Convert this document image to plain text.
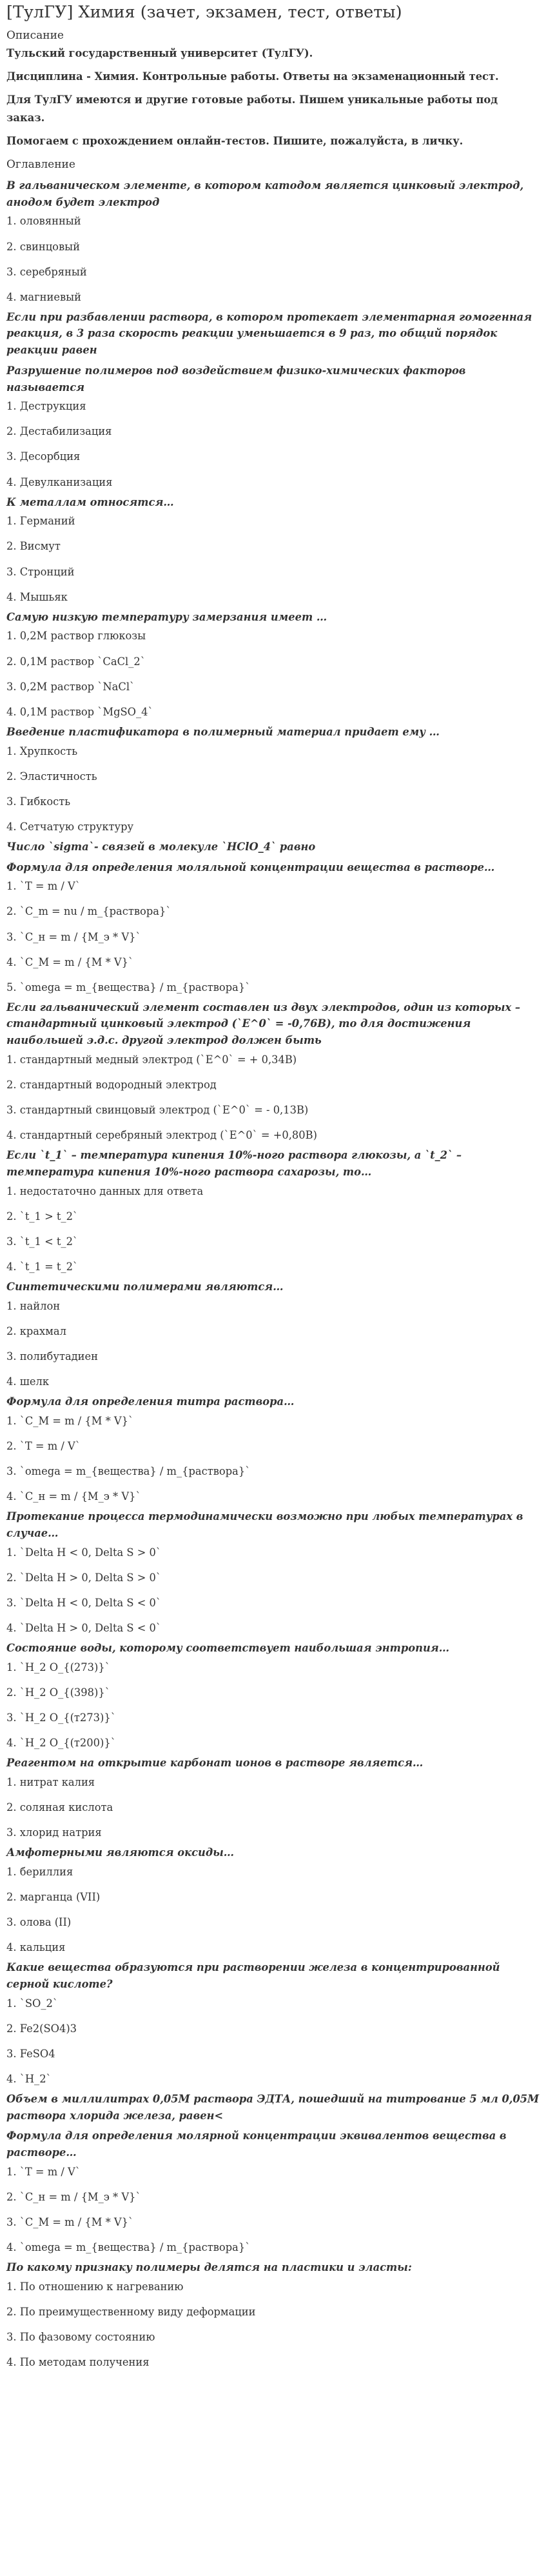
[ТулГУ] Химия (зачет, экзамен, тест, ответы)

Описание

Тульский государственный университет (ТулГУ).

Дисциплина - Химия. Контрольные работы. Ответы на экзаменационный тест.

Для ТулГУ имеются и другие готовые работы. Пишем уникальные работы под заказ.

Помогаем с прохождением онлайн-тестов. Пишите, пожалуйста, в личку.

Оглавление

В гальваническом элементе, в котором катодом является цинковый электрод, анодом будет электрод

1. оловянный

2. свинцовый

3. серебряный

4. магниевый

Если при разбавлении раствора, в котором протекает элементарная гомогенная реакция, в 3 раза скорость реакции уменьшается в 9 раз, то общий порядок реакции равен

Разрушение полимеров под воздействием физико-химических факторов называется

1. Деструкция

2. Дестабилизация

3. Десорбция

4. Девулканизация

К металлам относятся…

1. Германий

2. Висмут

3. Стронций

4. Мышьяк

Самую низкую температуру замерзания имеет …

1. 0,2М раствор глюкозы

2. 0,1М раствор `CaCl_2`

3. 0,2М раствор `NaCl`

4. 0,1М раствор `MgSO_4`

Введение пластификатора в полимерный материал придает ему …

1. Хрупкость

2. Эластичность

3. Гибкость

4. Сетчатую структуру

Число `sigma`- связей в молекуле `HClO_4` равно

Формула для определения моляльной концентрации вещества в растворе…

1. `T = m / V`

2. `C_m = nu / m_{раствора}`

3. `C_н = m / {M_э * V}`

4. `C_M = m / {M * V}`

5. `omega = m_{вещества} / m_{раствора}`

Если гальванический элемент составлен из двух электродов, один из которых – стандартный цинковый электрод (`E^0` = -0,76В), то для достижения наибольшей э.д.с. другой электрод должен быть

1. стандартный медный электрод (`E^0` = + 0,34В)

2. стандартный водородный электрод

3. стандартный свинцовый электрод (`E^0` = - 0,13В)

4. стандартный серебряный электрод (`E^0` = +0,80В)

Если `t_1` – температура кипения 10%-ного раствора глюкозы, а `t_2` – температура кипения 10%-ного раствора сахарозы, то…

1. недостаточно данных для ответа

2. `t_1 > t_2`

3. `t_1 < t_2`

4. `t_1 = t_2`

Синтетическими полимерами являются…

1. найлон

2. крахмал

3. полибутадиен

4. шелк

Формула для определения титра раствора…

1. `C_M = m / {M * V}`

2. `T = m / V`

3. `omega = m_{вещества} / m_{раствора}`

4. `C_н = m / {M_э * V}`

Протекание процесса термодинамически возможно при любых температурах в случае…

1. `Delta H < 0, Delta S > 0`

2. `Delta H > 0, Delta S > 0`

3. `Delta H < 0, Delta S < 0`

4. `Delta H > 0, Delta S < 0`

Состояние воды, которому соответствует наибольшая энтропия…

1. `H_2 O_{(273)}`

2. `H_2 O_{(398)}`

3. `H_2 O_{(т273)}`

4. `H_2 O_{(т200)}`

Реагентом на открытие карбонат ионов в растворе является…

1. нитрат калия

2. соляная кислота

3. хлорид натрия

Амфотерными являются оксиды…

1. бериллия

2. марганца (VII)

3. олова (II)

4. кальция

Какие вещества образуются при растворении железа в концентрированной серной кислоте?

1. `SO_2`

2. Fe2(SO4)3

3. FeSO4

4. `H_2`

Объем в миллилитрах 0,05М раствора ЭДТА, пошедший на титрование 5 мл 0,05М раствора хлорида железа, равен<

Формула для определения молярной концентрации эквивалентов вещества в растворе…

1. `T = m / V`

2. `C_н = m / {M_э * V}`

3. `C_M = m / {M * V}`

4. `omega = m_{вещества} / m_{раствора}`

По какому признаку полимеры делятся на пластики и эласты:

1. По отношению к нагреванию

2. По преимущественному виду деформации

3. По фазовому состоянию

4. По методам получения
